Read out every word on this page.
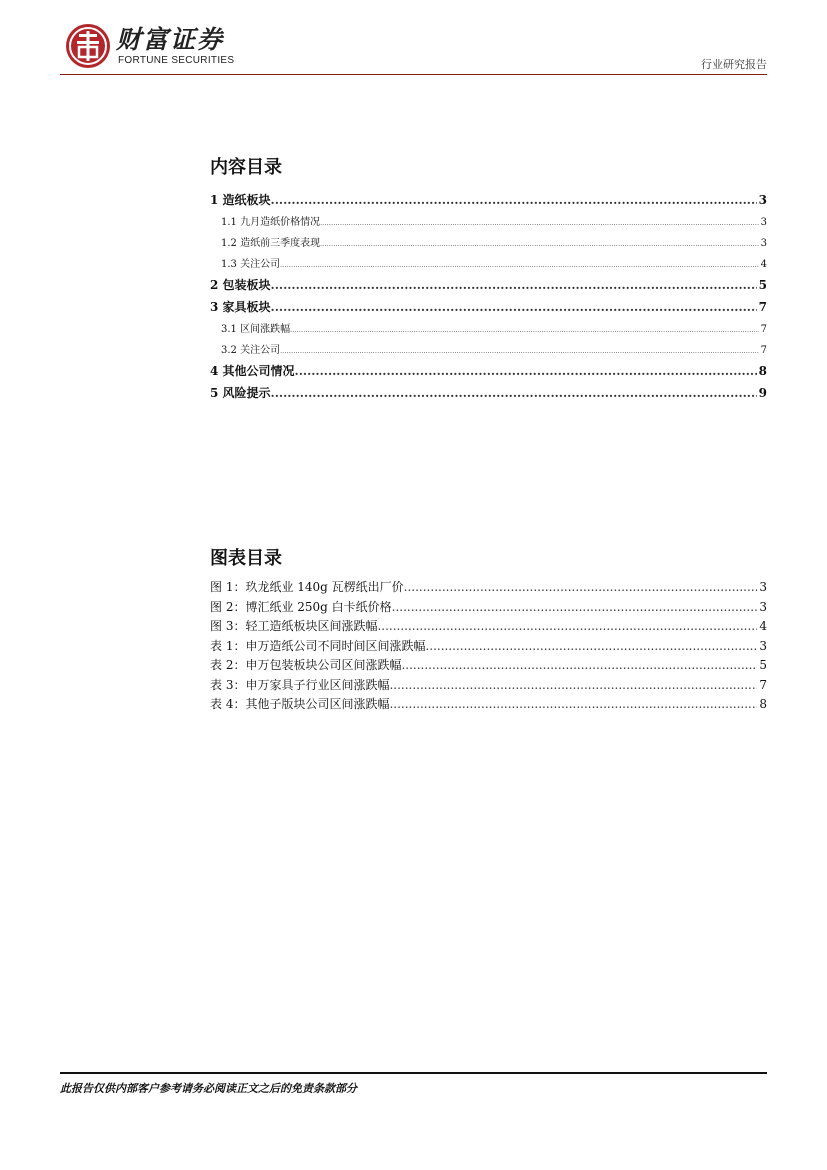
财富证券
FORTUNE SECURITIES	行业研究报告
内容目录
1 造纸板块 .....	3
1.1 九月造纸价格情况 .....	3
1.2 造纸前三季度表现 .....	3
1.3 关注公司 .....	4
2 包装板块 .....	5
3 家具板块 .....	7
3.1 区间涨跌幅 .....	7
3.2 关注公司 .....	7
4 其他公司情况 .....	8
5 风险提示 .....	9
图表目录
图 1：玖龙纸业 140g 瓦楞纸出厂价 .....	3
图 2：博汇纸业 250g 白卡纸价格 .....	3
图 3：轻工造纸板块区间涨跌幅 .....	4
表 1：申万造纸公司不同时间区间涨跌幅 .....	3
表 2：申万包装板块公司区间涨跌幅 .....	5
表 3：申万家具子行业区间涨跌幅 .....	7
表 4：其他子版块公司区间涨跌幅 .....	8
此报告仅供内部客户参考请务必阅读正文之后的免责条款部分
